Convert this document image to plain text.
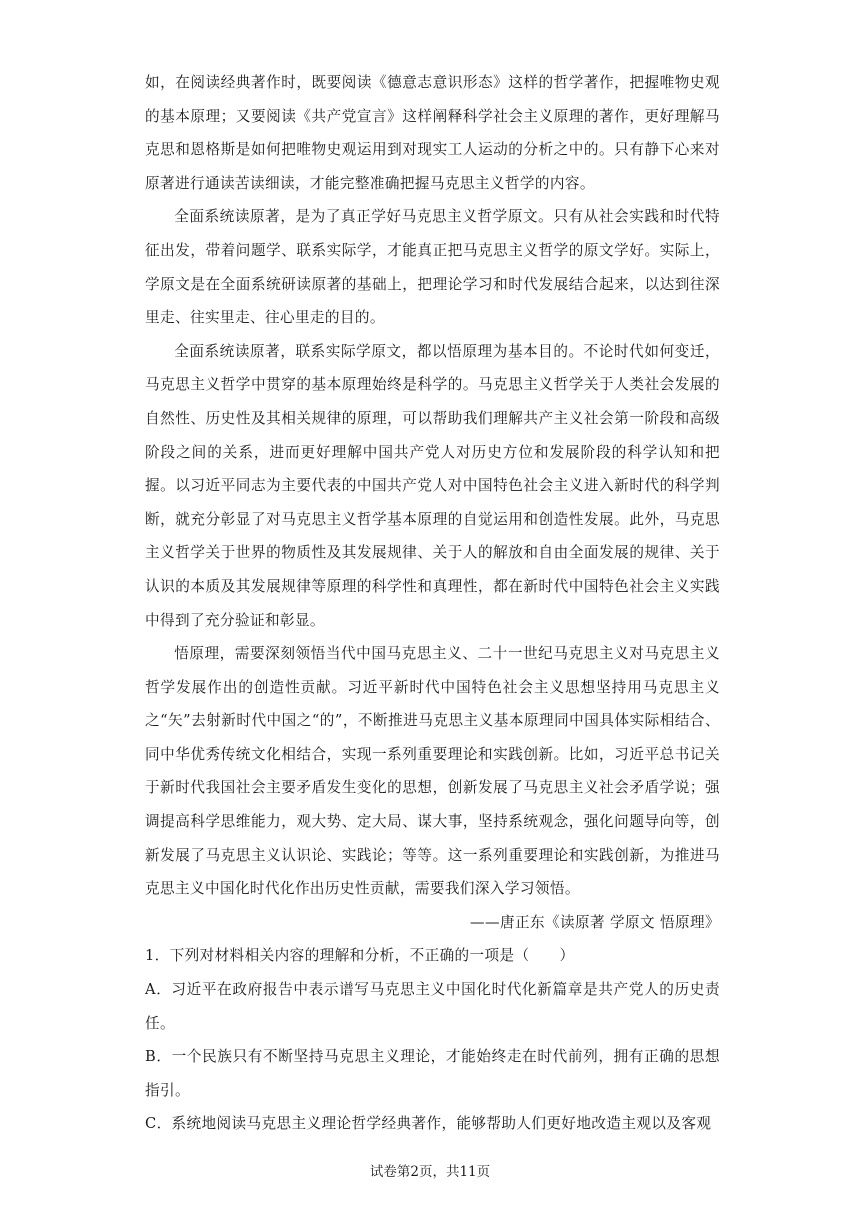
如，在阅读经典著作时，既要阅读《德意志意识形态》这样的哲学著作，把握唯物史观的基本原理；又要阅读《共产党宣言》这样阐释科学社会主义原理的著作，更好理解马克思和恩格斯是如何把唯物史观运用到对现实工人运动的分析之中的。只有静下心来对原著进行通读苦读细读，才能完整准确把握马克思主义哲学的内容。

全面系统读原著，是为了真正学好马克思主义哲学原文。只有从社会实践和时代特征出发，带着问题学、联系实际学，才能真正把马克思主义哲学的原文学好。实际上，学原文是在全面系统研读原著的基础上，把理论学习和时代发展结合起来，以达到往深里走、往实里走、往心里走的目的。

全面系统读原著，联系实际学原文，都以悟原理为基本目的。不论时代如何变迁，马克思主义哲学中贯穿的基本原理始终是科学的。马克思主义哲学关于人类社会发展的自然性、历史性及其相关规律的原理，可以帮助我们理解共产主义社会第一阶段和高级阶段之间的关系，进而更好理解中国共产党人对历史方位和发展阶段的科学认知和把握。以习近平同志为主要代表的中国共产党人对中国特色社会主义进入新时代的科学判断，就充分彰显了对马克思主义哲学基本原理的自觉运用和创造性发展。此外，马克思主义哲学关于世界的物质性及其发展规律、关于人的解放和自由全面发展的规律、关于认识的本质及其发展规律等原理的科学性和真理性，都在新时代中国特色社会主义实践中得到了充分验证和彰显。

悟原理，需要深刻领悟当代中国马克思主义、二十一世纪马克思主义对马克思主义哲学发展作出的创造性贡献。习近平新时代中国特色社会主义思想坚持用马克思主义之“矢”去射新时代中国之“的”，不断推进马克思主义基本原理同中国具体实际相结合、同中华优秀传统文化相结合，实现一系列重要理论和实践创新。比如，习近平总书记关于新时代我国社会主要矛盾发生变化的思想，创新发展了马克思主义社会矛盾学说；强调提高科学思维能力，观大势、定大局、谋大事，坚持系统观念，强化问题导向等，创新发展了马克思主义认识论、实践论；等等。这一系列重要理论和实践创新，为推进马克思主义中国化时代化作出历史性贡献，需要我们深入学习领悟。

——唐正东《读原著 学原文 悟原理》

1．下列对材料相关内容的理解和分析，不正确的一项是（　　）

A．习近平在政府报告中表示谱写马克思主义中国化时代化新篇章是共产党人的历史责任。

B．一个民族只有不断坚持马克思主义理论，才能始终走在时代前列，拥有正确的思想指引。

C．系统地阅读马克思主义理论哲学经典著作，能够帮助人们更好地改造主观以及客观

试卷第2页，共11页
